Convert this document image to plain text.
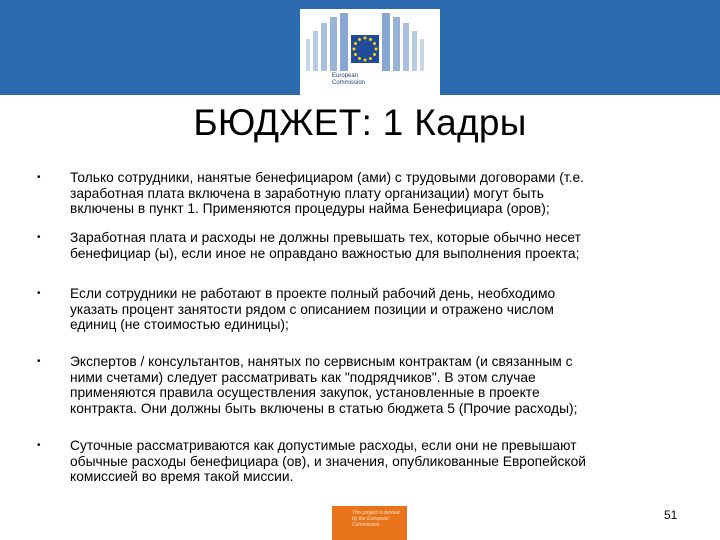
European
Commission
БЮДЖЕТ: 1 Кадры
• Только сотрудники, нанятые бенефициаром (ами) с трудовыми договорами (т.е.
заработная плата включена в заработную плату организации) могут быть
включены в пункт 1. Применяются процедуры найма Бенефициара (оров);
• Заработная плата и расходы не должны превышать тех, которые обычно несет
бенефициар (ы), если иное не оправдано важностью для выполнения проекта;
• Если сотрудники не работают в проекте полный рабочий день, необходимо
указать процент занятости рядом с описанием позиции и отражено числом
единиц (не стоимостью единицы);
• Экспертов / консультантов, нанятых по сервисным контрактам (и связанным с
ними счетами) следует рассматривать как "подрядчиков". В этом случае
применяются правила осуществления закупок, установленные в проекте
контракта. Они должны быть включены в статью бюджета 5 (Прочие расходы);
• Суточные рассматриваются как допустимые расходы, если они не превышают
обычные расходы бенефициара (ов), и значения, опубликованные Европейской
комиссией во время такой миссии.
This project is funded
by the European
Commission
51
